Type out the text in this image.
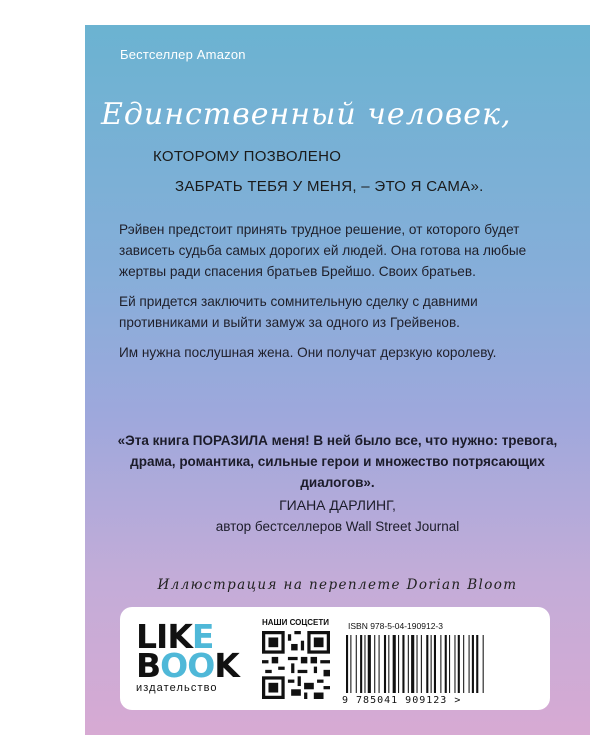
Бестселлер Amazon
Единственный человек,
КОТОРОМУ ПОЗВОЛЕНО
ЗАБРАТЬ ТЕБЯ У МЕНЯ, – ЭТО Я САМА».

Рэйвен предстоит принять трудное решение, от которого будет зависеть судьба самых дорогих ей людей. Она готова на любые жертвы ради спасения братьев Брейшо. Своих братьев.

Ей придется заключить сомнительную сделку с давними противниками и выйти замуж за одного из Грейвенов.

Им нужна послушная жена. Они получат дерзкую королеву.

«Эта книга ПОРАЗИЛА меня! В ней было все, что нужно: тревога, драма, романтика, сильные герои и множество потрясающих диалогов».
ГИАНА ДАРЛИНГ,
автор бестселлеров Wall Street Journal
Иллюстрация на переплете Dorian Bloom
LIKE
BOOK
издательство
НАШИ СОЦСЕТИ ISBN 978-5-04-190912-3
9 785041 909123 >
